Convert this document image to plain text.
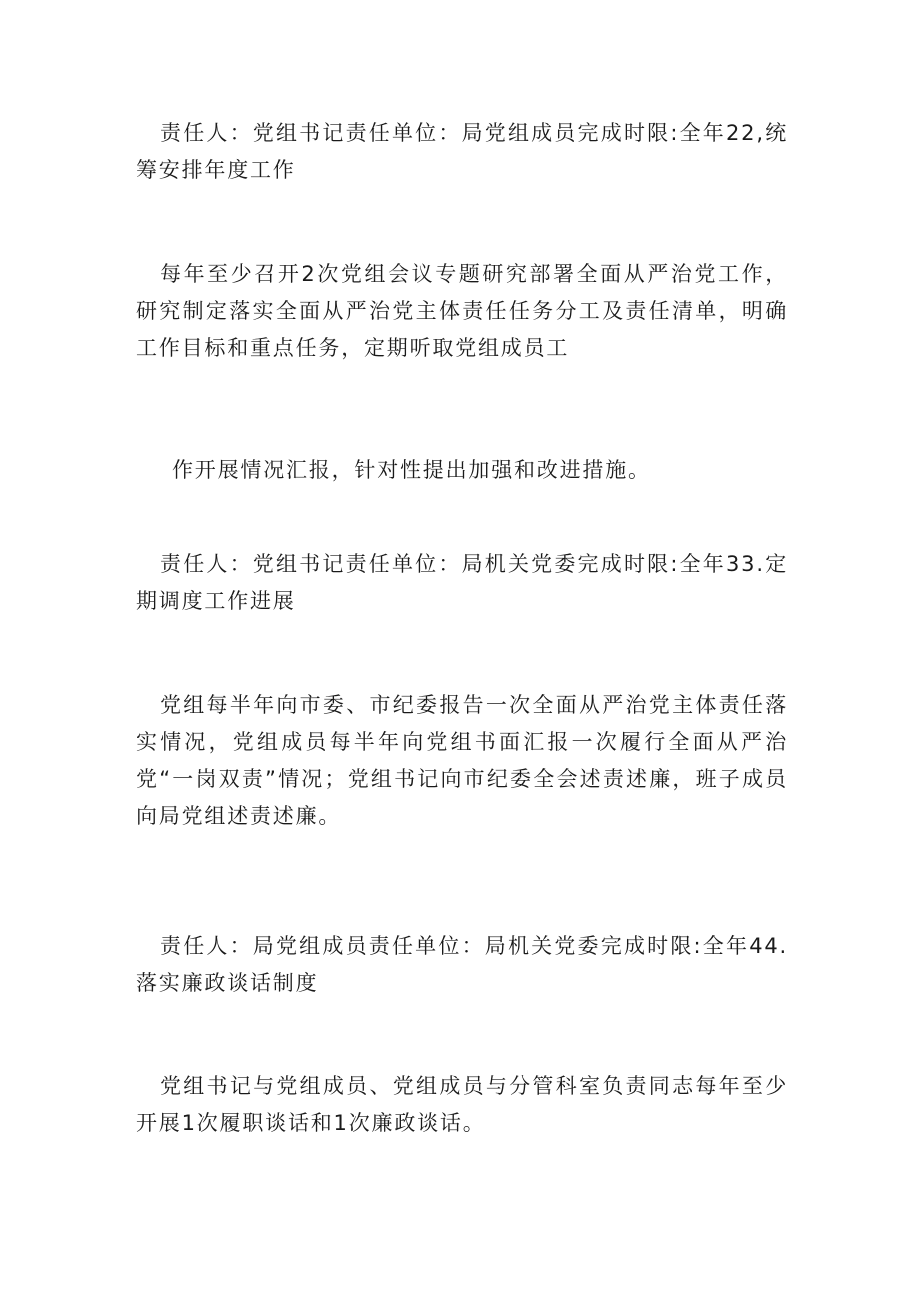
责任人：党组书记责任单位：局党组成员完成时限:全年22,统筹安排年度工作

每年至少召开2次党组会议专题研究部署全面从严治党工作，研究制定落实全面从严治党主体责任任务分工及责任清单，明确工作目标和重点任务，定期听取党组成员工

作开展情况汇报，针对性提出加强和改进措施。

责任人：党组书记责任单位：局机关党委完成时限:全年33.定期调度工作进展

党组每半年向市委、市纪委报告一次全面从严治党主体责任落实情况，党组成员每半年向党组书面汇报一次履行全面从严治党“一岗双责”情况；党组书记向市纪委全会述责述廉，班子成员向局党组述责述廉。

责任人：局党组成员责任单位：局机关党委完成时限:全年44.落实廉政谈话制度

党组书记与党组成员、党组成员与分管科室负责同志每年至少开展1次履职谈话和1次廉政谈话。
